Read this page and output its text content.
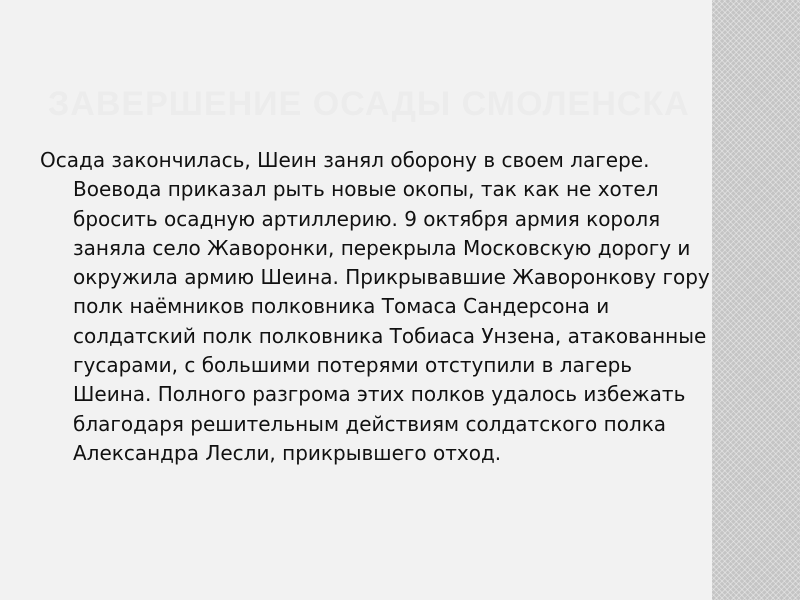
ЗАВЕРШЕНИЕ ОСАДЫ СМОЛЕНСКА

Осада закончилась, Шеин занял оборону в своем лагере. Воевода приказал рыть новые окопы, так как не хотел бросить осадную артиллерию. 9 октября армия короля заняла село Жаворонки, перекрыла Московскую дорогу и окружила армию Шеина. Прикрывавшие Жаворонкову гору полк наёмников полковника Томаса Сандерсона и солдатский полк полковника Тобиаса Унзена, атакованные гусарами, с большими потерями отступили в лагерь Шеина. Полного разгрома этих полков удалось избежать благодаря решительным действиям солдатского полка Александра Лесли, прикрывшего отход.
